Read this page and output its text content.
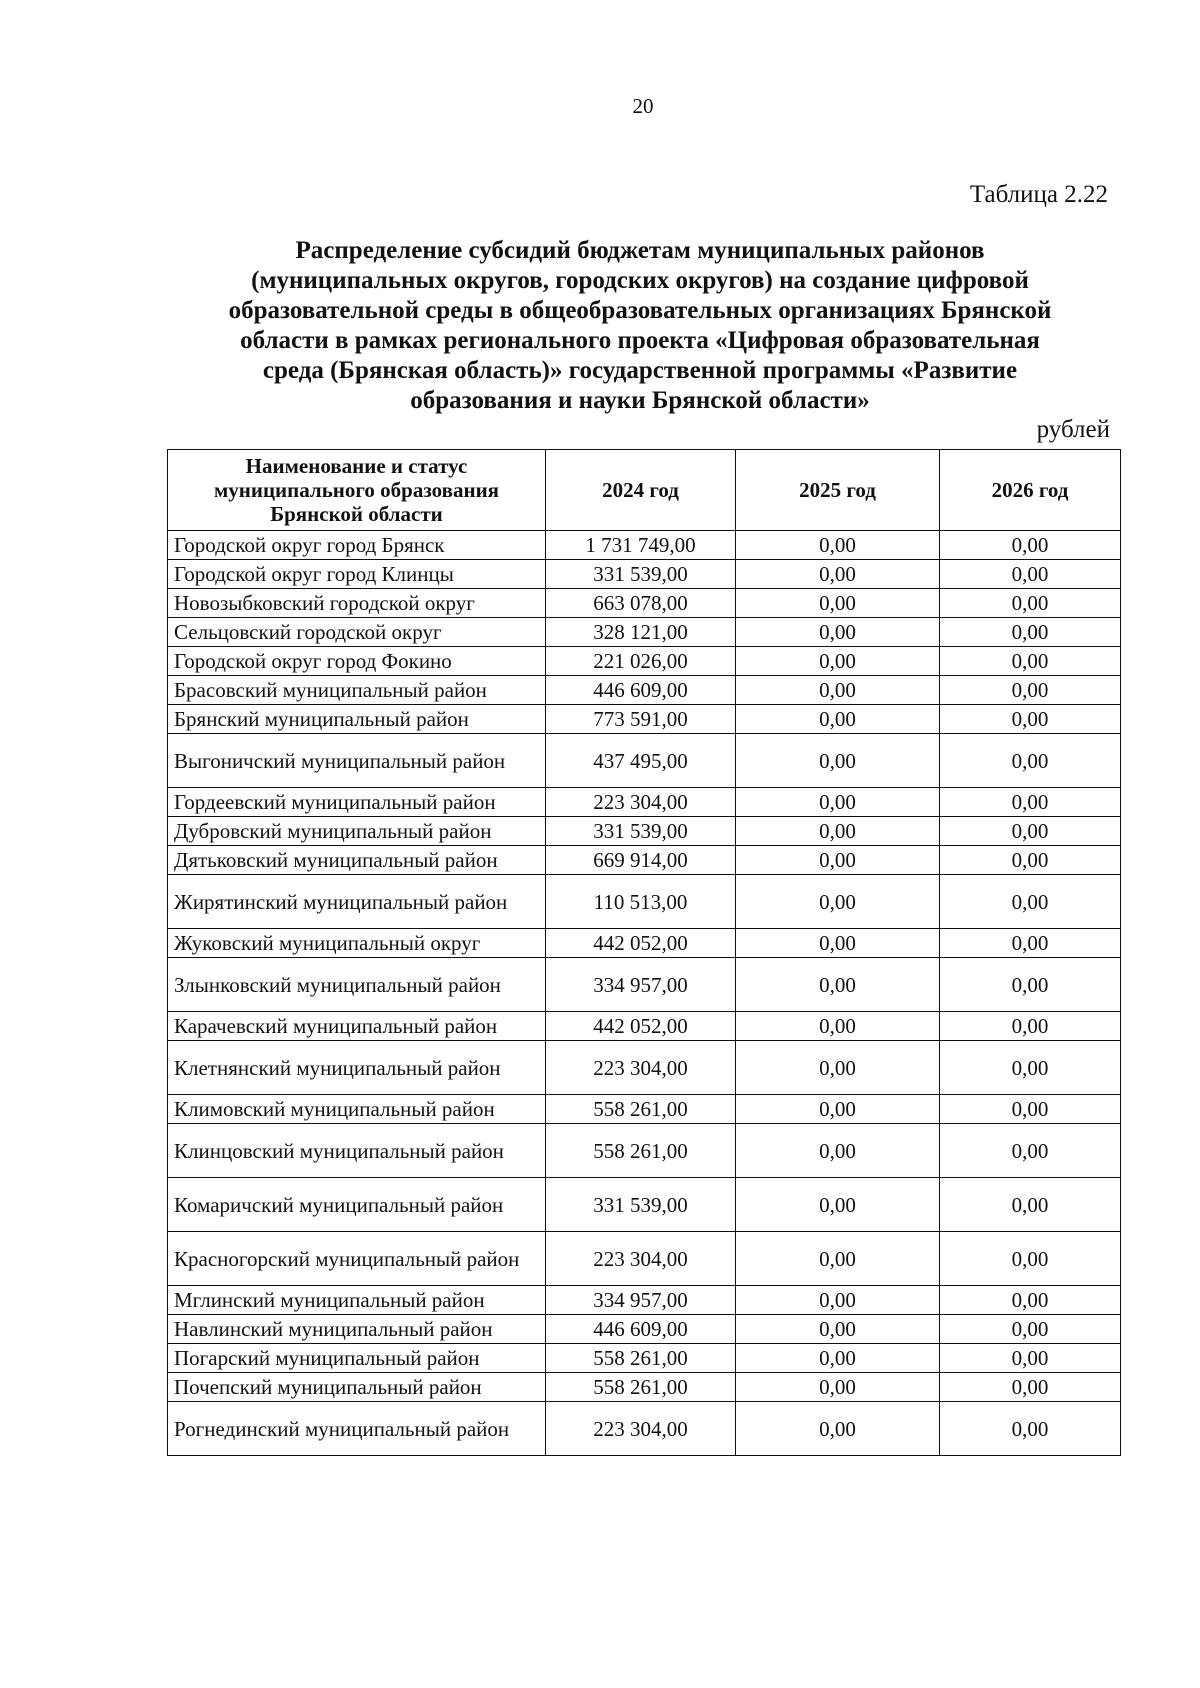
20
Таблица 2.22
Распределение субсидий бюджетам муниципальных районов
(муниципальных округов, городских округов) на создание цифровой
образовательной среды в общеобразовательных организациях Брянской
области в рамках регионального проекта «Цифровая образовательная
среда (Брянская область)» государственной программы «Развитие
образования и науки Брянской области»
рублей
Наименование и статус муниципального образования Брянской области	2024 год	2025 год	2026 год
Городской округ город Брянск	1 731 749,00	0,00	0,00
Городской округ город Клинцы	331 539,00	0,00	0,00
Новозыбковский городской округ	663 078,00	0,00	0,00
Сельцовский городской округ	328 121,00	0,00	0,00
Городской округ город Фокино	221 026,00	0,00	0,00
Брасовский муниципальный район	446 609,00	0,00	0,00
Брянский муниципальный район	773 591,00	0,00	0,00
Выгоничский муниципальный район	437 495,00	0,00	0,00
Гордеевский муниципальный район	223 304,00	0,00	0,00
Дубровский муниципальный район	331 539,00	0,00	0,00
Дятьковский муниципальный район	669 914,00	0,00	0,00
Жирятинский муниципальный район	110 513,00	0,00	0,00
Жуковский муниципальный округ	442 052,00	0,00	0,00
Злынковский муниципальный район	334 957,00	0,00	0,00
Карачевский муниципальный район	442 052,00	0,00	0,00
Клетнянский муниципальный район	223 304,00	0,00	0,00
Климовский муниципальный район	558 261,00	0,00	0,00
Клинцовский муниципальный район	558 261,00	0,00	0,00
Комаричский муниципальный район	331 539,00	0,00	0,00
Красногорский муниципальный район	223 304,00	0,00	0,00
Мглинский муниципальный район	334 957,00	0,00	0,00
Навлинский муниципальный район	446 609,00	0,00	0,00
Погарский муниципальный район	558 261,00	0,00	0,00
Почепский муниципальный район	558 261,00	0,00	0,00
Рогнединский муниципальный район	223 304,00	0,00	0,00
